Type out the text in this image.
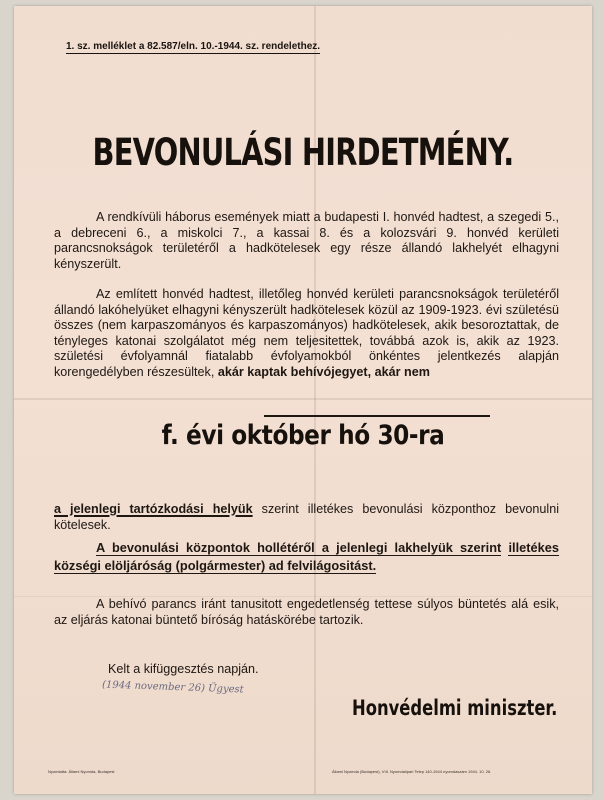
1. sz. melléklet a 82.587/eln. 10.-1944. sz. rendelethez.
BEVONULÁSI HIRDETMÉNY.
A rendkívüli háborus események miatt a budapesti I. honvéd hadtest, a szegedi 5., a debreceni 6., a miskolci 7., a kassai 8. és a kolozsvári 9. honvéd kerületi parancsnokságok területéről a hadkötelesek egy része állandó lakhelyét elhagyni kényszerült.
Az említett honvéd hadtest, illetőleg honvéd kerületi parancsnokságok területéről állandó lakóhelyüket elhagyni kényszerült hadkötelesek közül az 1909-1923. évi születésü összes (nem karpaszományos és karpaszományos) hadkötelesek, akik besoroztattak, de tényleges katonai szolgálatot még nem teljesitettek, továbbá azok is, akik az 1923. születési évfolyamnál fiatalabb évfolyamokból önkéntes jelentkezés alapján korengedélyben részesültek, akár kaptak behívójegyet, akár nem
f. évi október hó 30-ra
a jelenlegi tartózkodási helyük szerint illetékes bevonulási központhoz bevonulni kötelesek.
A bevonulási központok hollétéről a jelenlegi lakhelyük szerint illetékes községi elöljáróság (polgármester) ad felvilágositást.
A behívó parancs iránt tanusitott engedetlenség tettese súlyos büntetés alá esik, az eljárás katonai büntető bíróság hatáskörébe tartozik.
Kelt a kifüggesztés napján.
(1944 november 26) Ügyest
Honvédelmi miniszter.
Nyomtatta: Állami Nyomda, Budapest	Állami Nyomda (Budapest), VIII. Nyomdaiipari Telep 140-1944 nyomdaszám 1944. 10. 26.
